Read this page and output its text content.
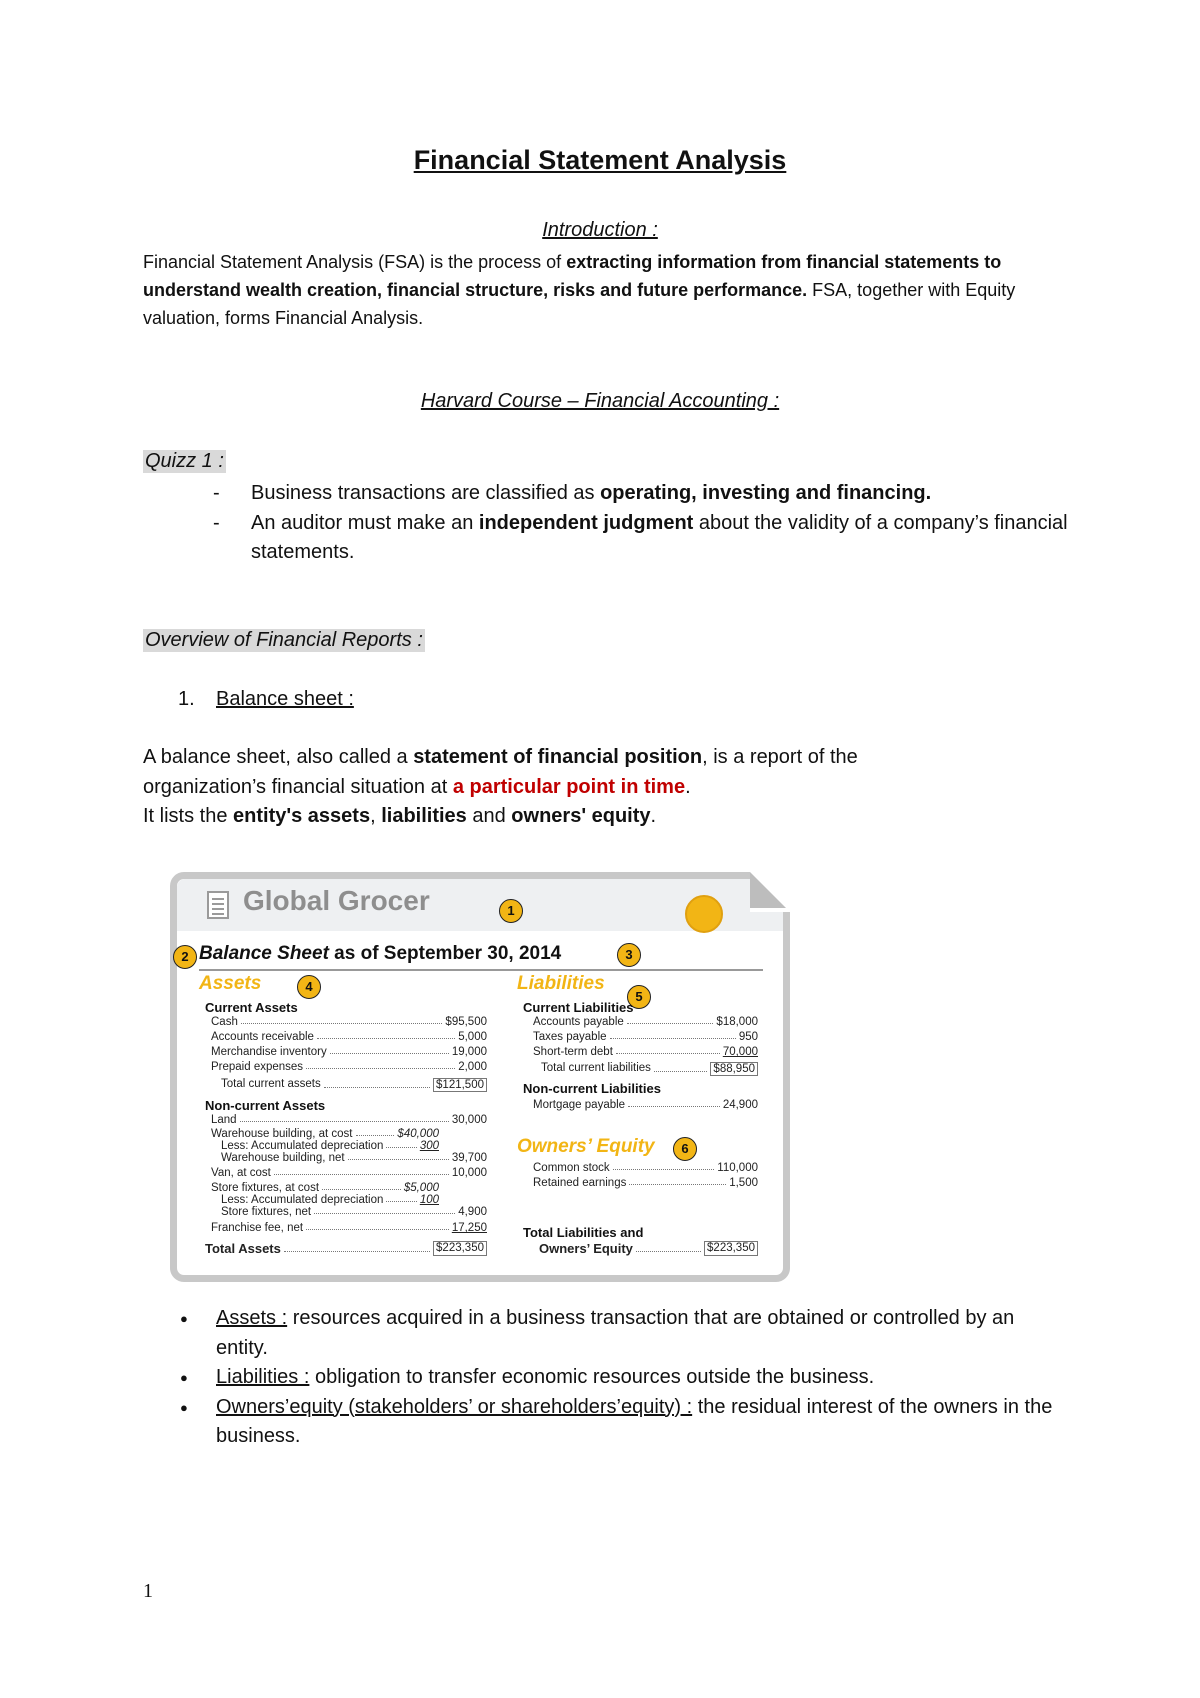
Financial Statement Analysis

Introduction :

Financial Statement Analysis (FSA) is the process of extracting information from financial statements to understand wealth creation, financial structure, risks and future performance. FSA, together with Equity valuation, forms Financial Analysis.

Harvard Course – Financial Accounting :

Quizz 1 :

- Business transactions are classified as operating, investing and financing.
- An auditor must make an independent judgment about the validity of a company’s financial statements.

Overview of Financial Reports :

1. Balance sheet :

A balance sheet, also called a statement of financial position, is a report of the organization’s financial situation at a particular point in time.
It lists the entity's assets, liabilities and owners' equity.

Global Grocer	1
2 Balance Sheet as of September 30, 2014	3

Assets	4

Current Assets

Cash	$95,500
Accounts receivable	5,000
Merchandise inventory	19,000
Prepaid expenses	2,000
Total current assets	$121,500

Non-current Assets

Land	30,000
Warehouse building, at cost	$40,000
Less: Accumulated depreciation	300
Warehouse building, net	39,700
Van, at cost	10,000
Store fixtures, at cost	$5,000
Less: Accumulated depreciation	100
Store fixtures, net	4,900
Franchise fee, net	17,250
Total Assets	$223,350

Liabilities

5

Current Liabilities

Accounts payable	$18,000
Taxes payable	950
Short-term debt	70,000
Total current liabilities	$88,950

Non-current Liabilities

Mortgage payable	24,900

Owners’ Equity	6
Common stock	110,000
Retained earnings	1,500

Total Liabilities and

Owners’ Equity	$223,350
● Assets : resources acquired in a business transaction that are obtained or controlled by an entity.
● Liabilities : obligation to transfer economic resources outside the business.
● Owners’equity (stakeholders’ or shareholders’equity) : the residual interest of the owners in the business.

1
